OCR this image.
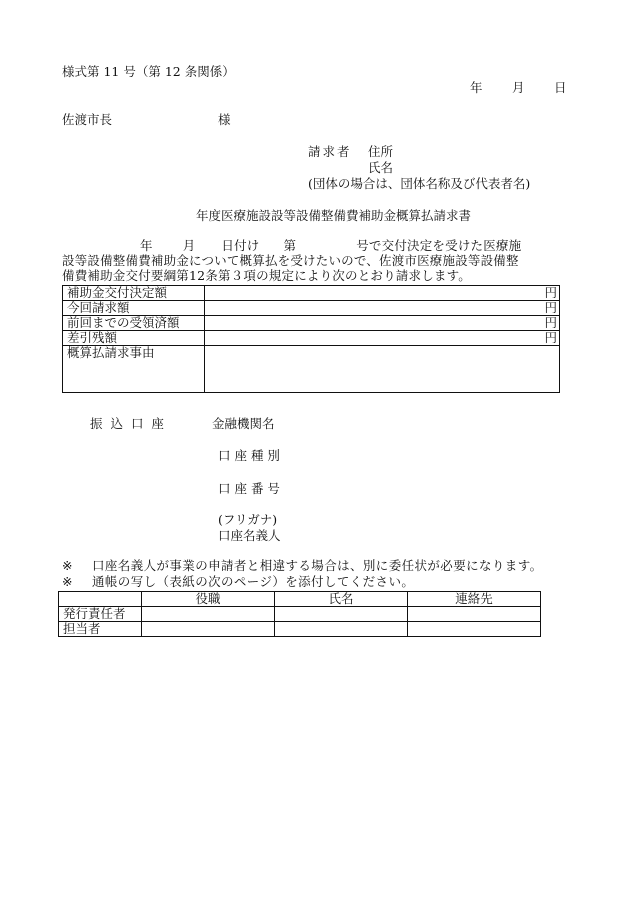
様式第 11 号（第 12 条関係）
年 月 日
佐渡市長	様
請求者 住所
氏名
(団体の場合は、団体名称及び代表者名)
年度医療施設設等設備整備費補助金概算払請求書
年 月 日付け 第	号で交付決定を受けた医療施
設等設備整備費補助金について概算払を受けたいので、佐渡市医療施設等設備整
備費補助金交付要綱第12条第３項の規定により次のとおり請求します。
補助金交付決定額	円
今回請求額	円
前回までの受領済額	円
差引残額	円
概算払請求事由	
振 込 口 座	金融機関名
口 座 種 別
口 座 番 号
(フリガナ)
口座名義人
※ 口座名義人が事業の申請者と相違する場合は、別に委任状が必要になります。
※ 通帳の写し（表紙の次のページ）を添付してください。
	役職	氏名	連絡先
発行責任者			
担当者			
